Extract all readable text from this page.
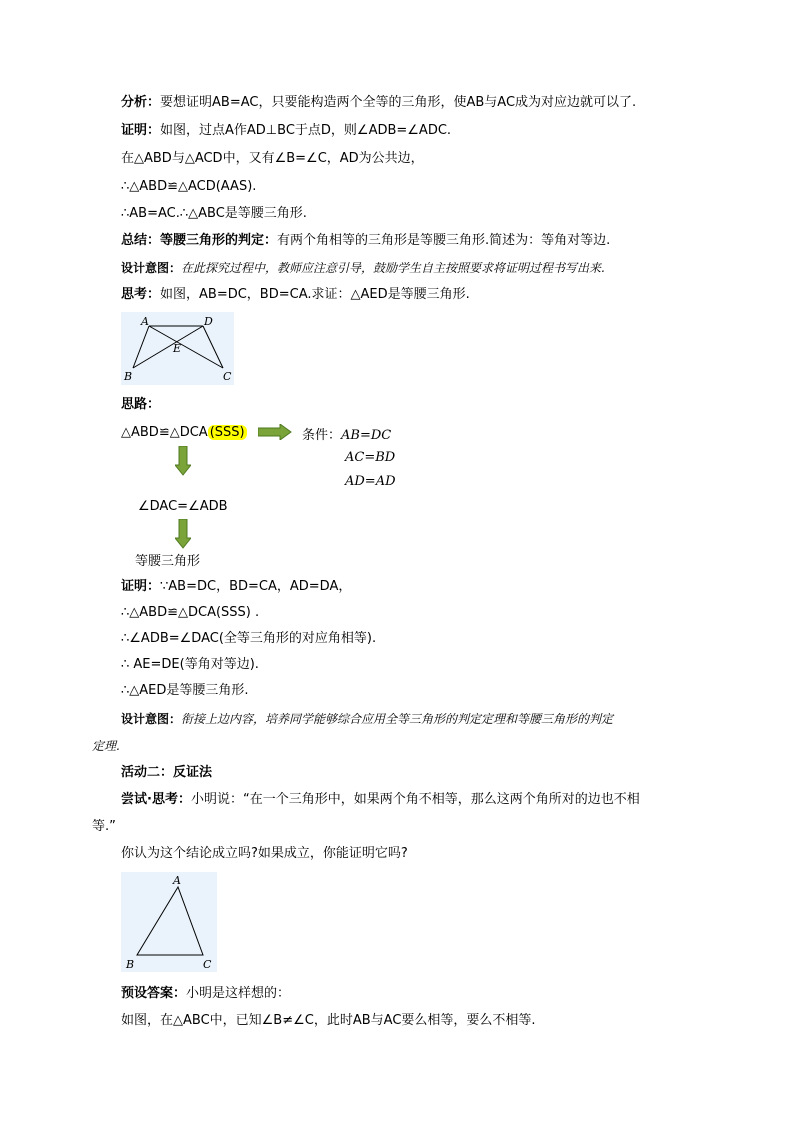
分析：要想证明AB=AC，只要能构造两个全等的三角形，使AB与AC成为对应边就可以了.
证明：如图，过点A作AD⊥BC于点D，则∠ADB=∠ADC.
在△ABD与△ACD中，又有∠B=∠C，AD为公共边，
∴△ABD≌△ACD(AAS).
∴AB=AC.∴△ABC是等腰三角形.
总结：等腰三角形的判定：有两个角相等的三角形是等腰三角形.简述为：等角对等边.
设计意图：在此探究过程中，教师应注意引导，鼓励学生自主按照要求将证明过程书写出来.
思考：如图，AB=DC，BD=CA.求证：△AED是等腰三角形.
A	D
E
B	C
思路：
△ABD≌△DCA (SSS)	条件：AB=DC
AC=BD
AD=AD
∠DAC=∠ADB
等腰三角形
证明：∵AB=DC，BD=CA，AD=DA，
∴△ABD≌△DCA(SSS) .
∴∠ADB=∠DAC(全等三角形的对应角相等).
∴ AE=DE(等角对等边).
∴△AED是等腰三角形.
设计意图：衔接上边内容，培养同学能够综合应用全等三角形的判定定理和等腰三角形的判定
定理.
活动二：反证法
尝试·思考：小明说：“在一个三角形中，如果两个角不相等，那么这两个角所对的边也不相
等.”
你认为这个结论成立吗?如果成立，你能证明它吗?
A
B	C
预设答案：小明是这样想的：
如图，在△ABC中，已知∠B≠∠C，此时AB与AC要么相等，要么不相等.
